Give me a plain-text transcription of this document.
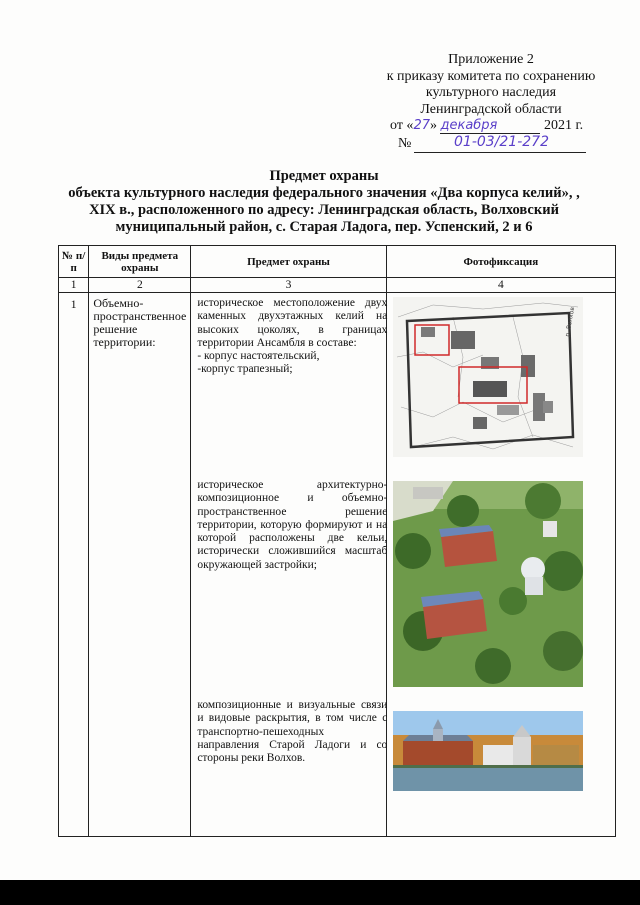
Приложение 2
к приказу комитета по сохранению
культурного наследия
Ленинградской области
от «27» декабря	2021 г.
№	01-03/21-272
Предмет охраны
объекта культурного наследия федерального значения «Два корпуса келий», ,
XIX в., расположенного по адресу: Ленинградская область, Волховский
муниципальный район, с. Старая Ладога, пер. Успенский, 2 и 6
№ п/п	Виды предмета охраны	Предмет охраны	Фотофиксация
1	2	3	4
1	Объемно-пространственное решение территории:	историческое местоположение двух каменных двухэтажных келий на высоких цоколях, в границах территории Ансамбля в составе:
- корпус настоятельский,
-корпус трапезный;
историческое архитектурно-композиционное и объемно-пространственное решение территории, которую формируют и на которой расположены две кельи, исторически сложившийся масштаб окружающей застройки;
композиционные и визуальные связи и видовые раскрытия, в том числе с транспортно-пешеходных направления Старой Ладоги и со стороны реки Волхов.	р. Волхов
